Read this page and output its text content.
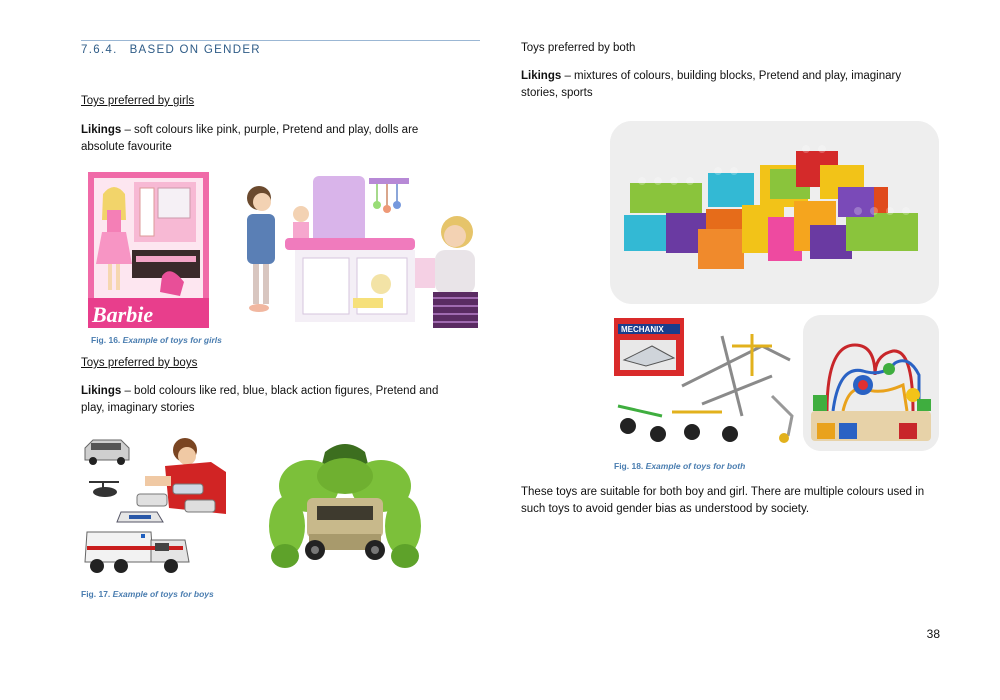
7.6.4. BASED ON GENDER
Toys preferred by girls
Likings – soft colours like pink, purple, Pretend and play, dolls are absolute favourite
Barbie
Fig. 16. Example of toys for girls
Toys preferred by boys
Likings – bold colours like red, blue, black action figures, Pretend and play, imaginary stories
Fig. 17. Example of toys for boys
Toys preferred by both
Likings – mixtures of colours, building blocks, Pretend and play, imaginary stories, sports
MECHANIX
Fig. 18. Example of toys for both
These toys are suitable for both boy and girl. There are multiple colours used in such toys to avoid gender bias as understood by society.
38
